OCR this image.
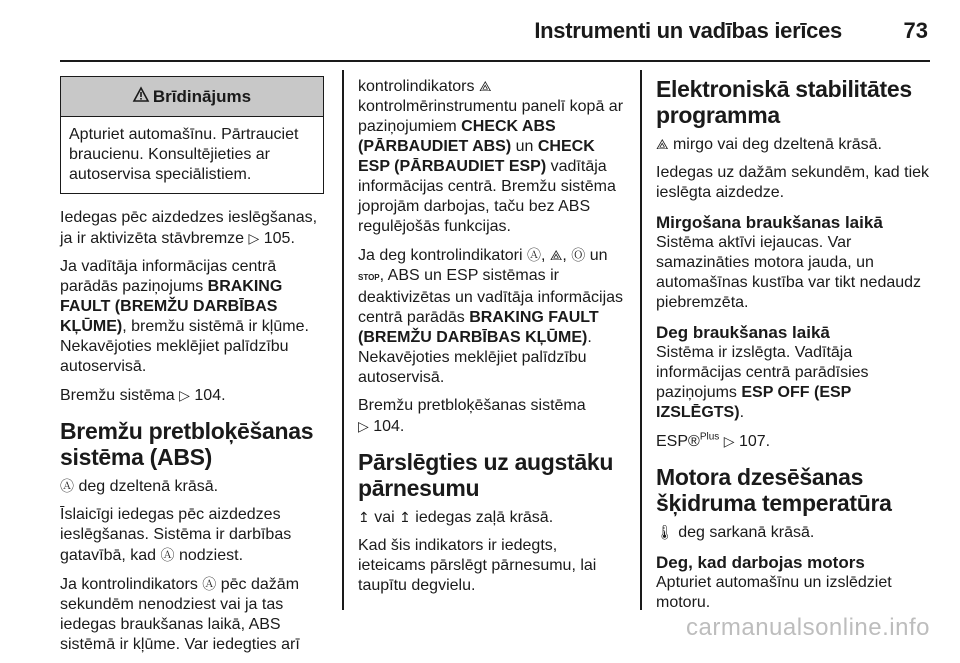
Instrumenti un vadības ierīces	73
Brīdinājums
Apturiet automašīnu. Pārtrauciet braucienu. Konsultējieties ar autoservisa speciālistiem.

Iedegas pēc aizdedzes ieslēgšanas, ja ir aktivizēta stāvbremze ▷ 105.

Ja vadītāja informācijas centrā parādās paziņojums BRAKING FAULT (BREMŽU DARBĪBAS KĻŪME), bremžu sistēmā ir kļūme. Nekavējoties meklējiet palīdzību autoservisā.

Bremžu sistēma ▷ 104.

Bremžu pretbloķēšanas sistēma (ABS)

Ⓐ deg dzeltenā krāsā.

Īslaicīgi iedegas pēc aizdedzes ieslēgšanas. Sistēma ir darbības gatavībā, kad Ⓐ nodziest.

Ja kontrolindikators Ⓐ pēc dažām sekundēm nenodziest vai ja tas iedegas braukšanas laikā, ABS sistēmā ir kļūme. Var iedegties arī

kontrolindikators ⟁ kontrolmērinstrumentu panelī kopā ar paziņojumiem CHECK ABS (PĀRBAUDIET ABS) un CHECK ESP (PĀRBAUDIET ESP) vadītāja informācijas centrā. Bremžu sistēma joprojām darbojas, taču bez ABS regulējošās funkcijas.

Ja deg kontrolindikatori Ⓐ, ⟁, Ⓞ un STOP, ABS un ESP sistēmas ir deaktivizētas un vadītāja informācijas centrā parādās BRAKING FAULT (BREMŽU DARBĪBAS KĻŪME). Nekavējoties meklējiet palīdzību autoservisā.

Bremžu pretbloķēšanas sistēma
▷ 104.

Pārslēgties uz augstāku pārnesumu

↥ vai ↥ iedegas zaļā krāsā.

Kad šis indikators ir iedegts, ieteicams pārslēgt pārnesumu, lai taupītu degvielu.

Elektroniskā stabilitātes programma

⟁ mirgo vai deg dzeltenā krāsā.

Iedegas uz dažām sekundēm, kad tiek ieslēgta aizdedze.

Mirgošana braukšanas laikā

Sistēma aktīvi iejaucas. Var samazināties motora jauda, un automašīnas kustība var tikt nedaudz piebremzēta.

Deg braukšanas laikā

Sistēma ir izslēgta. Vadītāja informācijas centrā parādīsies paziņojums ESP OFF (ESP IZSLĒGTS).

ESP®$^{Plus}$ ▷ 107.

Motora dzesēšanas šķidruma temperatūra

🌡 deg sarkanā krāsā.

Deg, kad darbojas motors

Apturiet automašīnu un izslēdziet motoru.

carmanualsonline.info
